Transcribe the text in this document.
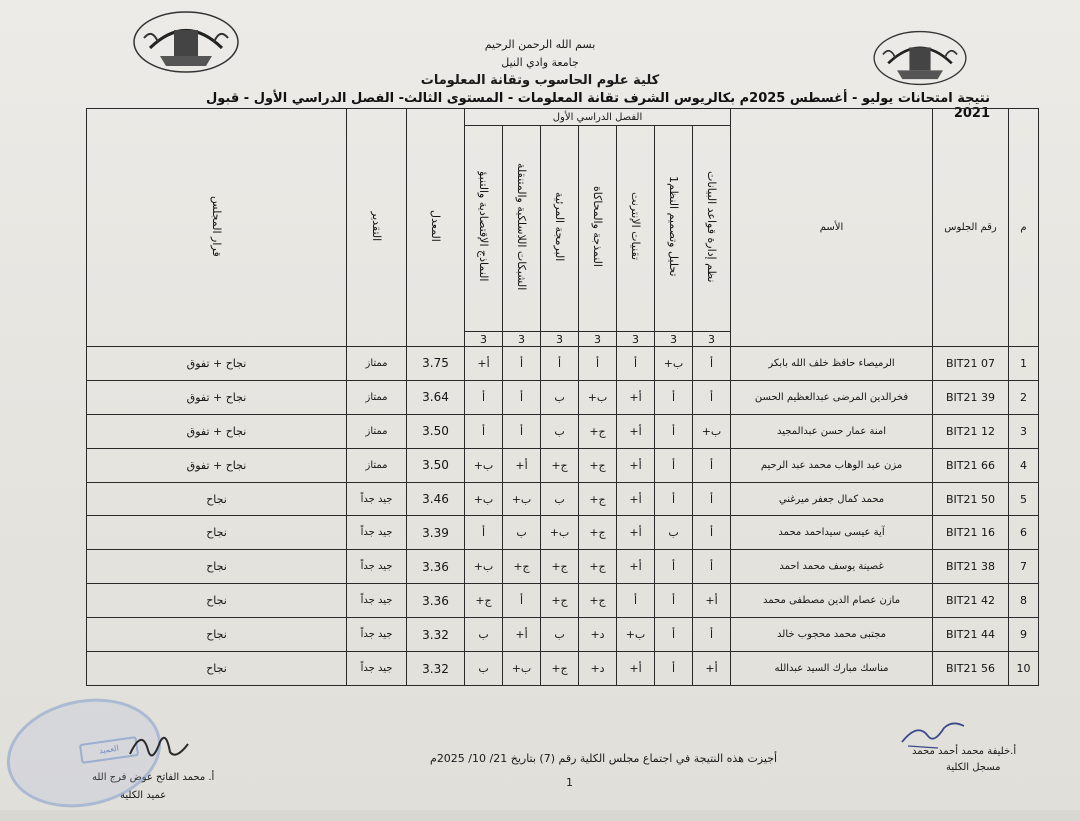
بسم الله الرحمن الرحيم
جامعة وادي النيل
كلية علوم الحاسوب وتقانة المعلومات
نتيجة امتحانات يوليو - أغسطس 2025م بكالريوس الشرف تقانة المعلومات - المستوى الثالث- الفصل الدراسي الأول - قبول 2021
م	رقم الجلوس	الأسم	الفصل الدراسي الأول							المعدل	التقدير	قرار المجلس
			نظم إدارة قواعد البيانات	تحليل وتصميم النظم1	تقنيات الإنترنت	النمذجة والمحاكاة	البرمجة المرئية	الشبكات اللاسلكية والمتنقلة	النماذج الإقتصادية والتنبؤ			
			3	3	3	3	3	3	3			
1	BIT21 07	الرميصاء حافظ خلف الله بابكر	أ	ب+	أ	أ	أ	أ	أ+	3.75	ممتاز	نجاح + تفوق
2	BIT21 39	فخرالدين المرضى عبدالعظيم الحسن	أ	أ	أ+	ب+	ب	أ	أ	3.64	ممتاز	نجاح + تفوق
3	BIT21 12	امنة عمار حسن عبدالمجيد	ب+	أ	أ+	ج+	ب	أ	أ	3.50	ممتاز	نجاح + تفوق
4	BIT21 66	مزن عبد الوهاب محمد عبد الرحيم	أ	أ	أ+	ج+	ج+	أ+	ب+	3.50	ممتاز	نجاح + تفوق
5	BIT21 50	محمد كمال جعفر ميرغني	أ	أ	أ+	ج+	ب	ب+	ب+	3.46	جيد جداً	نجاح
6	BIT21 16	آية عيسى سيداحمد محمد	أ	ب	أ+	ج+	ب+	ب	أ	3.39	جيد جداً	نجاح
7	BIT21 38	غصينة يوسف محمد احمد	أ	أ	أ+	ج+	ج+	ج+	ب+	3.36	جيد جداً	نجاح
8	BIT21 42	مازن عصام الدين مصطفى محمد	أ+	أ	أ	ج+	ج+	أ	ج+	3.36	جيد جداً	نجاح
9	BIT21 44	مجتبى محمد محجوب خالد	أ	أ	ب+	د+	ب	أ+	ب	3.32	جيد جداً	نجاح
10	BIT21 56	مناسك مبارك السيد عبدالله	أ+	أ	أ+	د+	ج+	ب+	ب	3.32	جيد جداً	نجاح
أجيزت هذه النتيجة في اجتماع مجلس الكلية رقم (7) بتاريخ 21/ 10/ 2025م
1
أ.خليفة محمد أحمد محمد
مسجل الكلية
أ. محمد الفاتح عوض فرج الله
عميد الكلية
العميد
